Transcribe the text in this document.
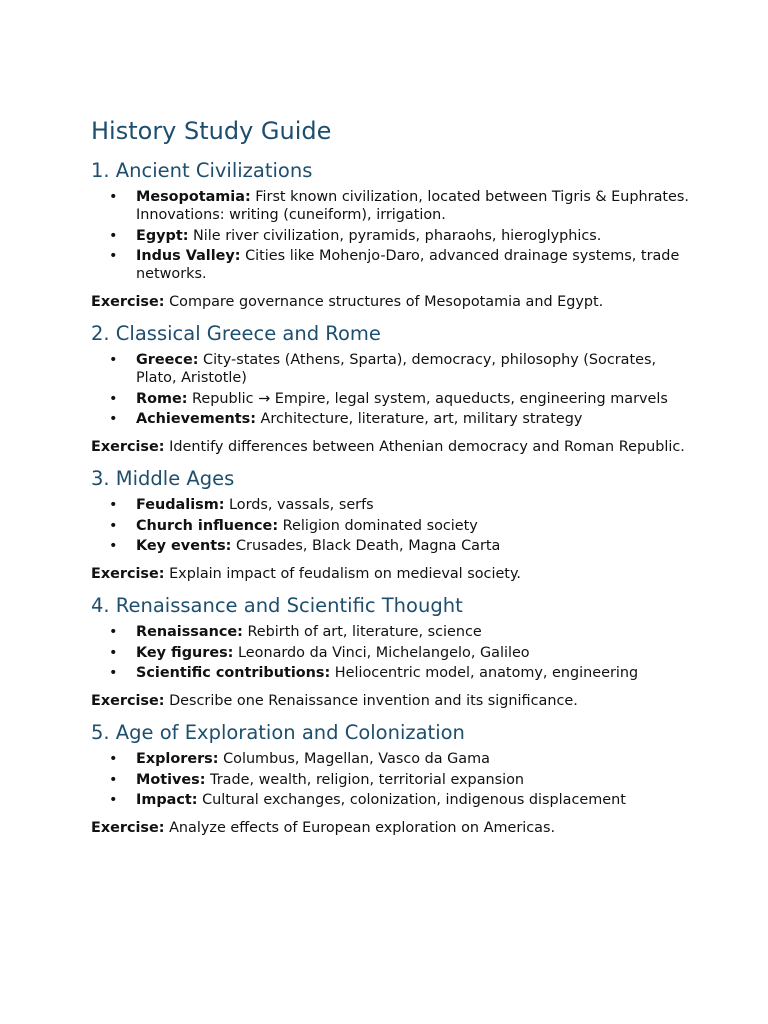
History Study Guide
1. Ancient Civilizations
• Mesopotamia: First known civilization, located between Tigris & Euphrates. Innovations: writing (cuneiform), irrigation.
• Egypt: Nile river civilization, pyramids, pharaohs, hieroglyphics.
• Indus Valley: Cities like Mohenjo-Daro, advanced drainage systems, trade networks.

Exercise: Compare governance structures of Mesopotamia and Egypt.

2. Classical Greece and Rome
• Greece: City-states (Athens, Sparta), democracy, philosophy (Socrates, Plato, Aristotle)
• Rome: Republic → Empire, legal system, aqueducts, engineering marvels
• Achievements: Architecture, literature, art, military strategy

Exercise: Identify differences between Athenian democracy and Roman Republic.

3. Middle Ages
• Feudalism: Lords, vassals, serfs
• Church influence: Religion dominated society
• Key events: Crusades, Black Death, Magna Carta

Exercise: Explain impact of feudalism on medieval society.

4. Renaissance and Scientific Thought
• Renaissance: Rebirth of art, literature, science
• Key figures: Leonardo da Vinci, Michelangelo, Galileo
• Scientific contributions: Heliocentric model, anatomy, engineering

Exercise: Describe one Renaissance invention and its significance.

5. Age of Exploration and Colonization
• Explorers: Columbus, Magellan, Vasco da Gama
• Motives: Trade, wealth, religion, territorial expansion
• Impact: Cultural exchanges, colonization, indigenous displacement

Exercise: Analyze effects of European exploration on Americas.
